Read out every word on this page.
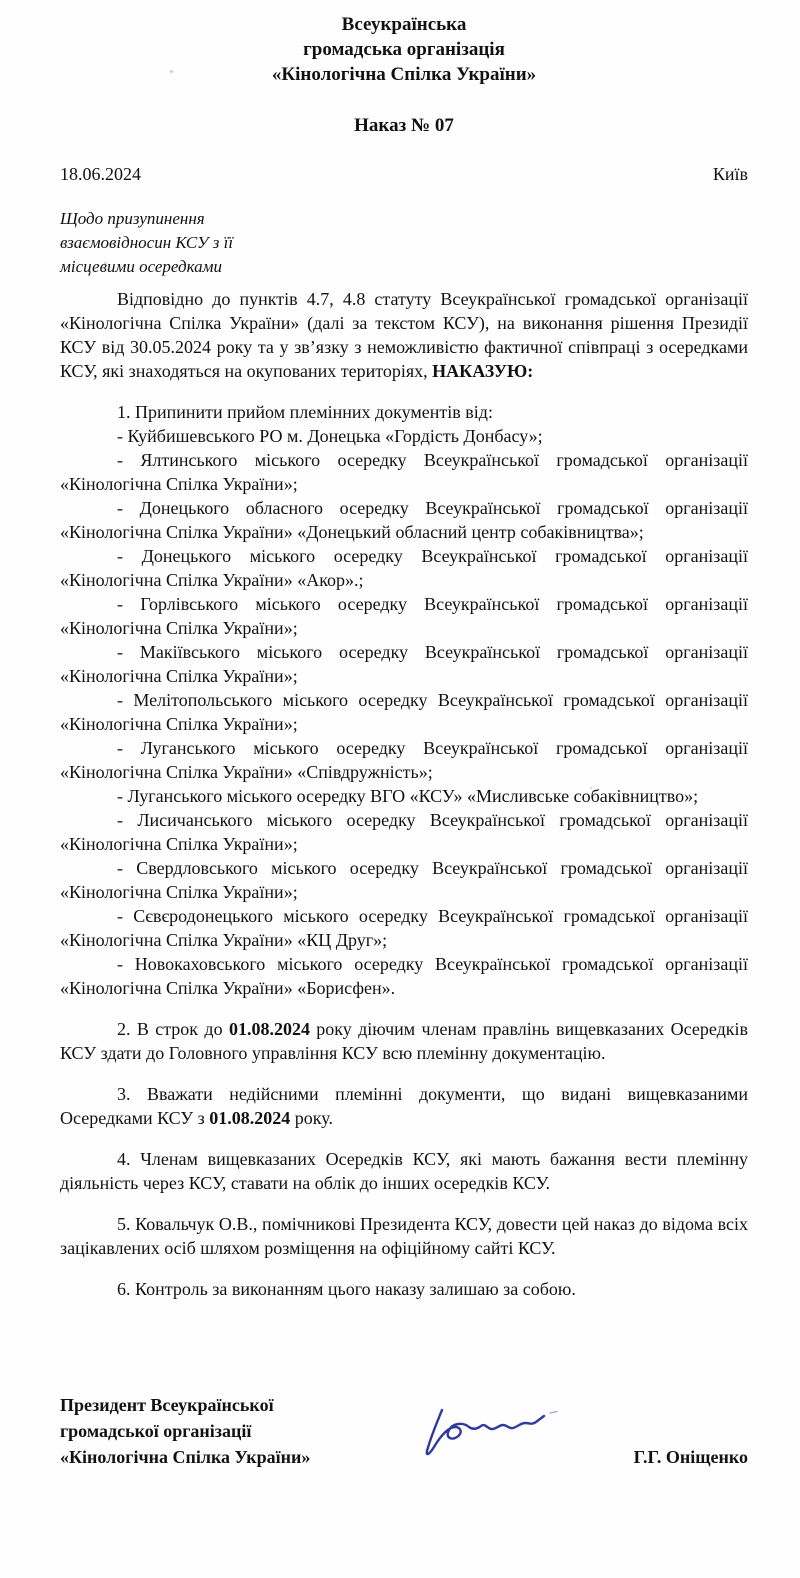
Всеукраїнська
громадська організація
«Кінологічна Спілка України»
Наказ № 07
18.06.2024	Київ
Щодо призупинення
взаємовідносин КСУ з її
місцевими осередками

Відповідно до пунктів 4.7, 4.8 статуту Всеукраїнської громадської організації «Кінологічна Спілка України» (далі за текстом КСУ), на виконання рішення Президії КСУ від 30.05.2024 року та у зв’язку з неможливістю фактичної співпраці з осередками КСУ, які знаходяться на окупованих територіях, НАКАЗУЮ:

1. Припинити прийом племінних документів від:

- Куйбишевського РО м. Донецька «Гордість Донбасу»;

- Ялтинського міського осередку Всеукраїнської громадської організації «Кінологічна Спілка України»;

- Донецького обласного осередку Всеукраїнської громадської організації «Кінологічна Спілка України» «Донецький обласний центр собаківництва»;

- Донецького міського осередку Всеукраїнської громадської організації «Кінологічна Спілка України» «Акор».;

- Горлівського міського осередку Всеукраїнської громадської організації «Кінологічна Спілка України»;

- Макіївського міського осередку Всеукраїнської громадської організації «Кінологічна Спілка України»;

- Мелітопольського міського осередку Всеукраїнської громадської організації «Кінологічна Спілка України»;

- Луганського міського осередку Всеукраїнської громадської організації «Кінологічна Спілка України» «Співдружність»;

- Луганського міського осередку ВГО «КСУ» «Мисливське собаківництво»;

- Лисичанського міського осередку Всеукраїнської громадської організації «Кінологічна Спілка України»;

- Свердловського міського осередку Всеукраїнської громадської організації «Кінологічна Спілка України»;

- Сєвєродонецького міського осередку Всеукраїнської громадської організації «Кінологічна Спілка України» «КЦ Друг»;

- Новокаховського міського осередку Всеукраїнської громадської організації «Кінологічна Спілка України» «Борисфен».

2. В строк до 01.08.2024 року діючим членам правлінь вищевказаних Осередків КСУ здати до Головного управління КСУ всю племінну документацію.

3. Вважати недійсними племінні документи, що видані вищевказаними Осередками КСУ з 01.08.2024 року.

4. Членам вищевказаних Осередків КСУ, які мають бажання вести племінну діяльність через КСУ, ставати на облік до інших осередків КСУ.

5. Ковальчук О.В., помічникові Президента КСУ, довести цей наказ до відома всіх зацікавлених осіб шляхом розміщення на офіційному сайті КСУ.

6. Контроль за виконанням цього наказу залишаю за собою.

Президент Всеукраїнської
громадської організації
«Кінологічна Спілка України»	Г.Г. Оніщенко
